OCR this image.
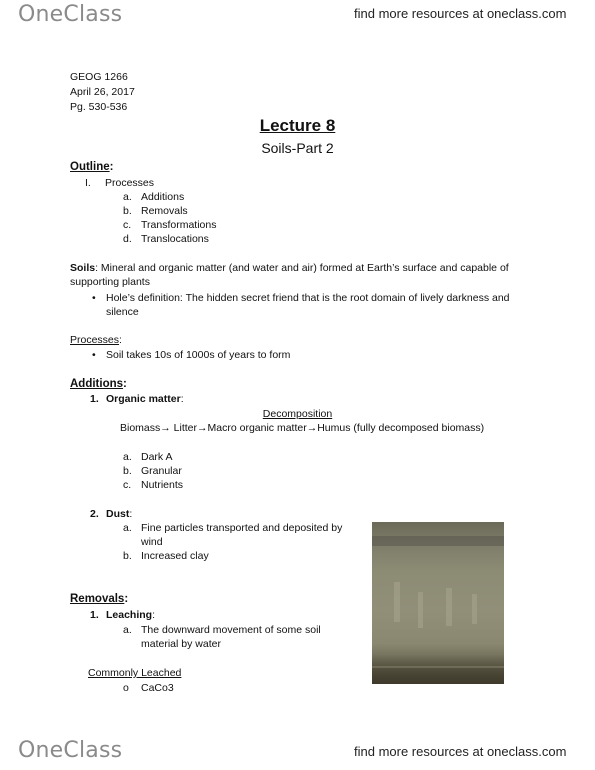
OneClass	find more resources at oneclass.com
GEOG 1266
April 26, 2017
Pg. 530-536
Lecture 8
Soils-Part 2
Outline:
I. Processes
a. Additions
b. Removals
c. Transformations
d. Translocations
Soils: Mineral and organic matter (and water and air) formed at Earth’s surface and capable of
supporting plants
• Hole’s definition: The hidden secret friend that is the root domain of lively darkness and
silence
Processes:
• Soil takes 10s of 1000s of years to form
Additions:
1. Organic matter:
Decomposition
Biomass→ Litter→Macro organic matter→Humus (fully decomposed biomass)
a. Dark A
b. Granular
c. Nutrients
2. Dust:
a. Fine particles transported and deposited by
wind
b. Increased clay
Removals:
1. Leaching:
a. The downward movement of some soil
material by water
Commonly Leached
o CaCo3
OneClass	find more resources at oneclass.com
